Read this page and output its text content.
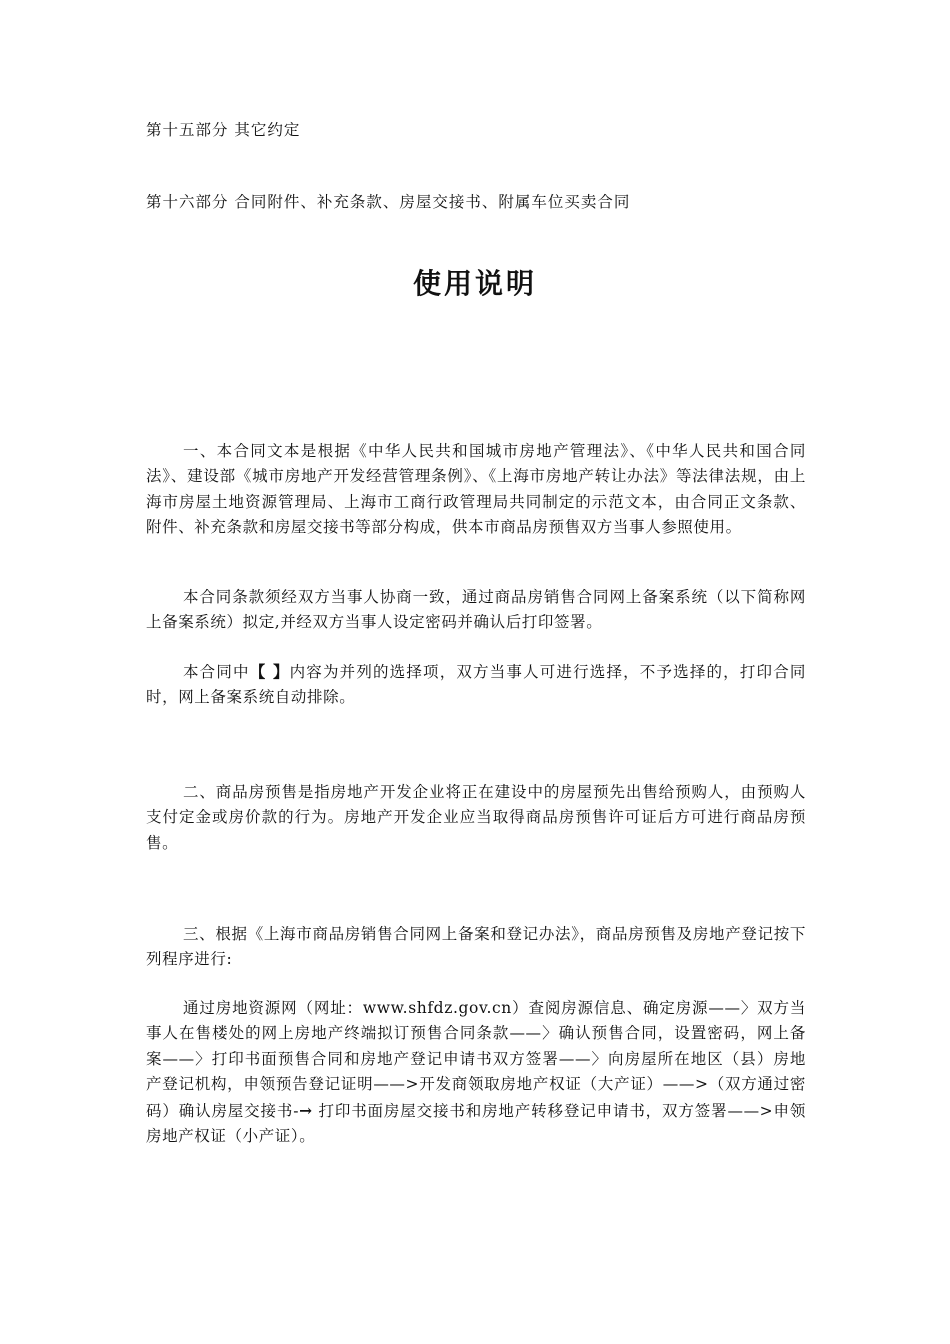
第十五部分 其它约定
第十六部分 合同附件、补充条款、房屋交接书、附属车位买卖合同
使用说明

一、本合同文本是根据《中华人民共和国城市房地产管理法》、《中华人民共和国合同法》、建设部《城市房地产开发经营管理条例》、《上海市房地产转让办法》等法律法规，由上海市房屋土地资源管理局、上海市工商行政管理局共同制定的示范文本，由合同正文条款、附件、补充条款和房屋交接书等部分构成，供本市商品房预售双方当事人参照使用。

本合同条款须经双方当事人协商一致，通过商品房销售合同网上备案系统（以下简称网上备案系统）拟定,并经双方当事人设定密码并确认后打印签署。

本合同中【 】内容为并列的选择项，双方当事人可进行选择，不予选择的，打印合同时，网上备案系统自动排除。

二、商品房预售是指房地产开发企业将正在建设中的房屋预先出售给预购人，由预购人支付定金或房价款的行为。房地产开发企业应当取得商品房预售许可证后方可进行商品房预售。

三、根据《上海市商品房销售合同网上备案和登记办法》，商品房预售及房地产登记按下列程序进行:

通过房地资源网（网址：www.shfdz.gov.cn）查阅房源信息、确定房源——〉双方当事人在售楼处的网上房地产终端拟订预售合同条款——〉确认预售合同，设置密码，网上备案——〉打印书面预售合同和房地产登记申请书双方签署——〉向房屋所在地区（县）房地产登记机构，申领预告登记证明——>开发商领取房地产权证（大产证）——>（双方通过密码）确认房屋交接书-→ 打印书面房屋交接书和房地产转移登记申请书，双方签署——>申领房地产权证（小产证）。
